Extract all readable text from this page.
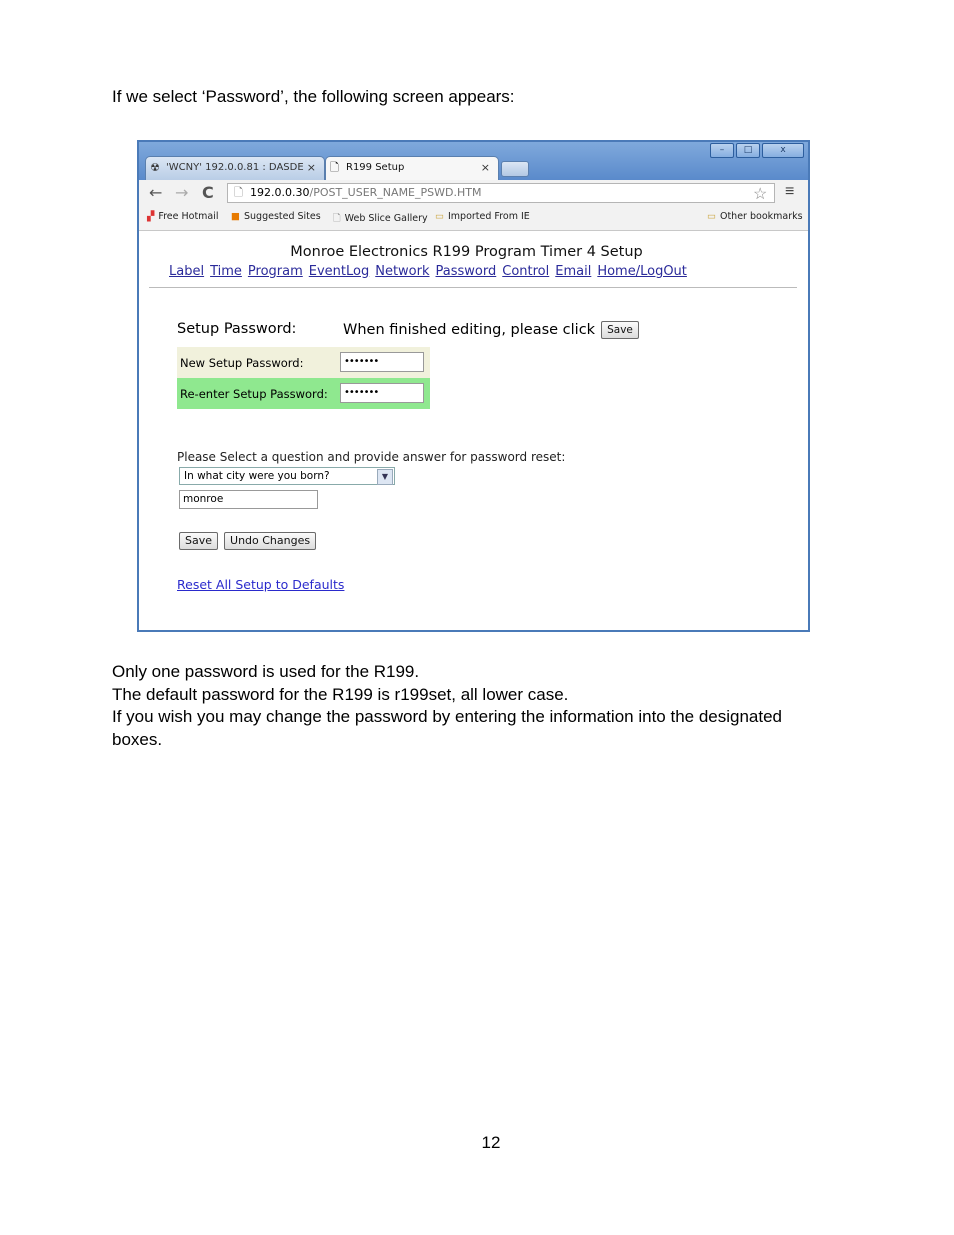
If we select ‘Password’, the following screen appears:
–	□	x
☢ 'WCNY' 192.0.0.81 : DASDE × 🗋 R199 Setup	×
← → C 🗋 192.0.0.30/POST_USER_NAME_PSWD.HTM	☆ ≡
▞ Free Hotmail ■ Suggested Sites 🗋 Web Slice Gallery ▭ Imported From IE	▭ Other bookmarks
Monroe Electronics R199 Program Timer 4 Setup
Label Time Program EventLog Network Password Control Email Home/LogOut
Setup Password:	When finished editing, please click Save
New Setup Password:	•••••••
Re-enter Setup Password:	•••••••
Please Select a question and provide answer for password reset:
In what city were you born?	▼
monroe
Save Undo Changes
Reset All Setup to Defaults
Only one password is used for the R199.
The default password for the R199 is r199set, all lower case.
If you wish you may change the password by entering the information into the designated
boxes.
12
